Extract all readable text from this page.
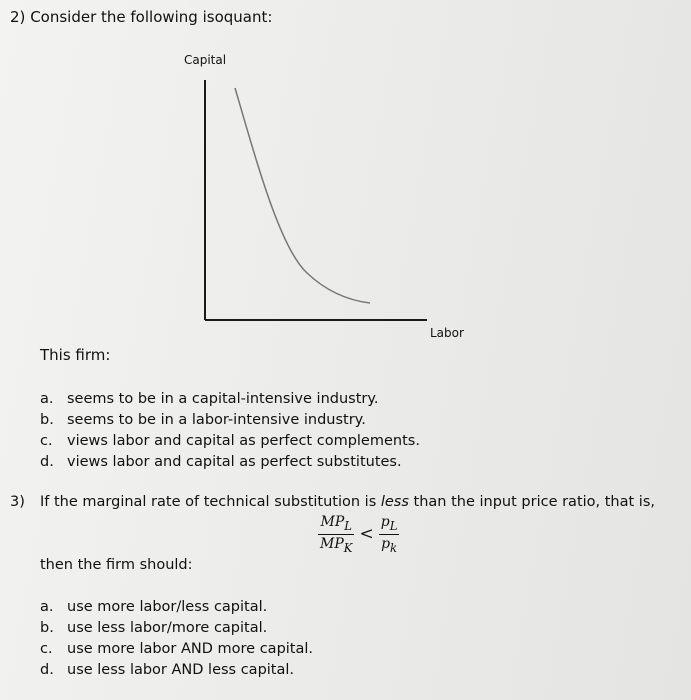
2) Consider the following isoquant:
Capital
Labor
This firm:
a. seems to be in a capital-intensive industry.
b. seems to be in a labor-intensive industry.
c. views labor and capital as perfect complements.
d. views labor and capital as perfect substitutes.
3) If the marginal rate of technical substitution is less than the input price ratio, that is,
$\frac{MP_L}{MP_K} < \frac{p_L}{p_k}$
then the firm should:
a. use more labor/less capital.
b. use less labor/more capital.
c. use more labor AND more capital.
d. use less labor AND less capital.
